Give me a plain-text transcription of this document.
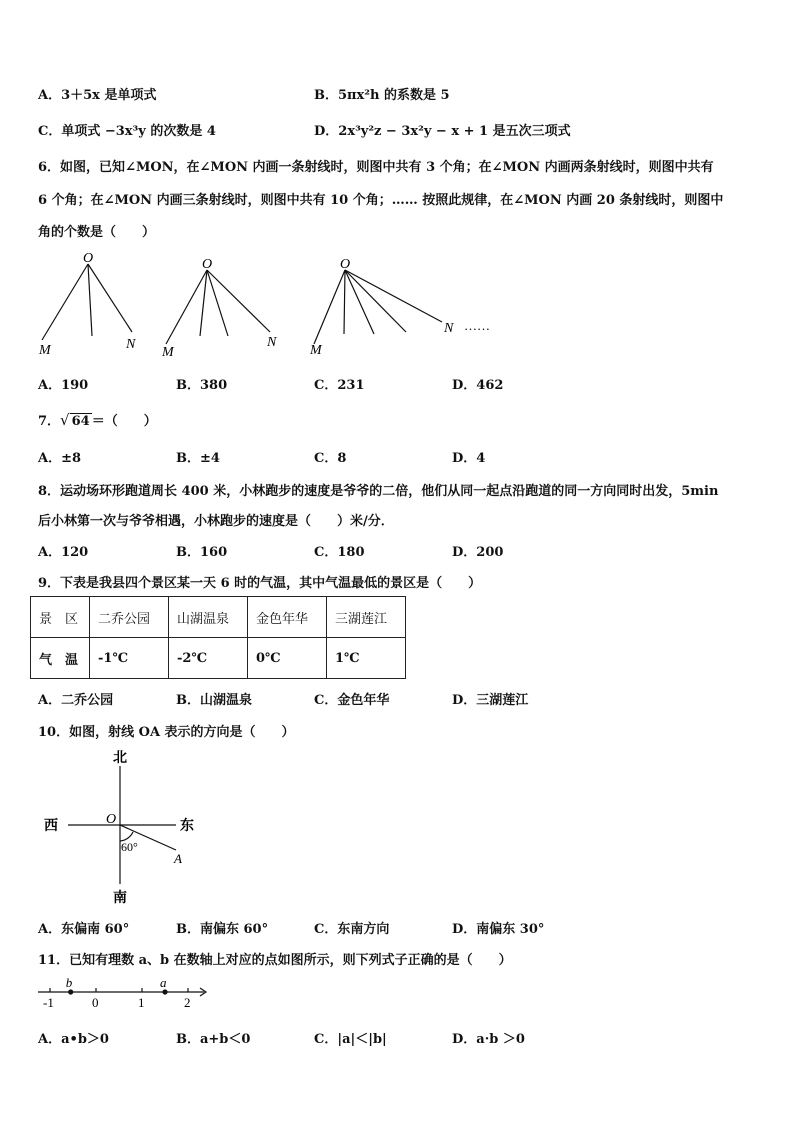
A．3＋5x 是单项式	B．5πx²h 的系数是 5
C．单项式 −3x³y 的次数是 4	D．2x³y²z − 3x²y − x + 1 是五次三项式
6．如图，已知∠MON，在∠MON 内画一条射线时，则图中共有 3 个角；在∠MON 内画两条射线时，则图中共有
6 个角；在∠MON 内画三条射线时，则图中共有 10 个角；…… 按照此规律，在∠MON 内画 20 条射线时，则图中
角的个数是（　　）
O
M	N
O
M
N
O
M
N ……
A．190	B．380	C．231	D．462
7．√ 64 ＝（　　）
A．±8	B．±4	C．8	D．4
8．运动场环形跑道周长 400 米，小林跑步的速度是爷爷的二倍，他们从同一起点沿跑道的同一方向同时出发，5min
后小林第一次与爷爷相遇，小林跑步的速度是（　　）米/分．
A．120	B．160	C．180	D．200
9．下表是我县四个景区某一天 6 时的气温，其中气温最低的景区是（　　）
景　区	二乔公园	山湖温泉	金色年华	三湖莲江
气　温	-1℃	-2℃	0℃	1℃
A．二乔公园	B．山湖温泉	C．金色年华	D．三湖莲江
10．如图，射线 OA 表示的方向是（　　）
北
南
西	东
O
A
60°
A．东偏南 60°	B．南偏东 60°	C．东南方向	D．南偏东 30°
11．已知有理数 a、b 在数轴上对应的点如图所示，则下列式子正确的是（　　）
-1	0	1	2
b	a
A．a•b＞0	B．a+b＜0	C．|a|＜|b|	D．a·b ＞0
